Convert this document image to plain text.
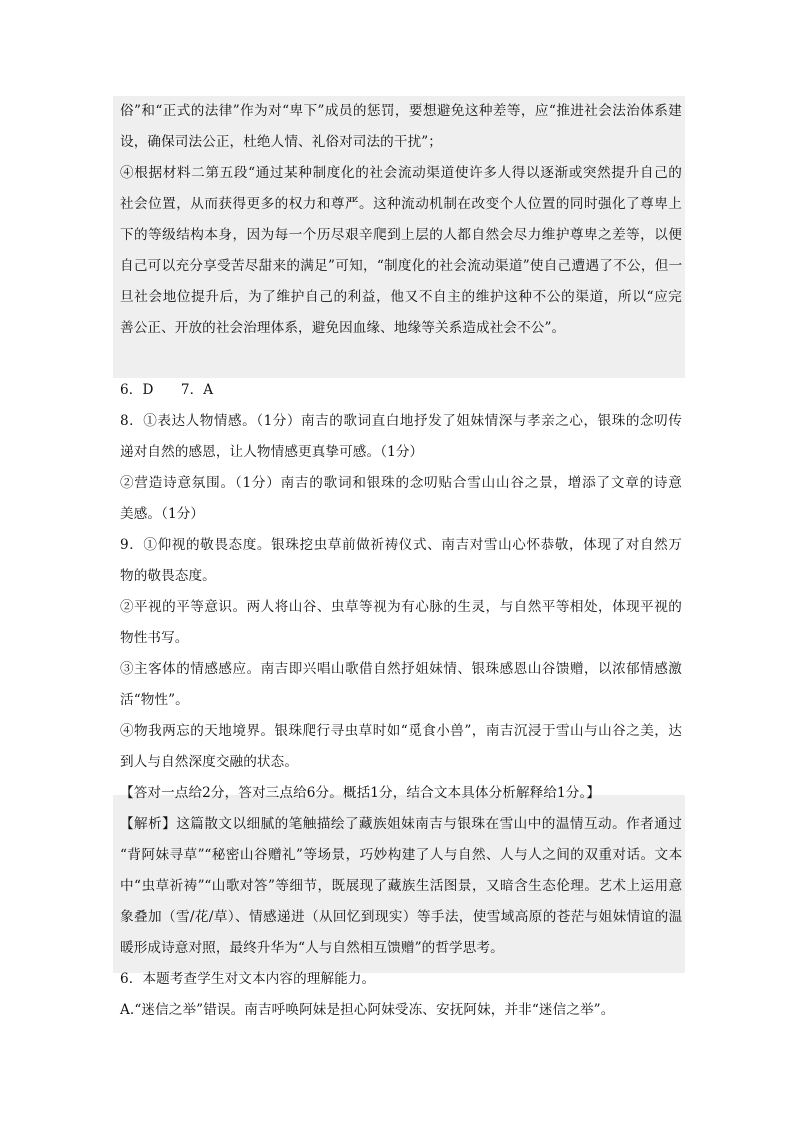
俗”和“正式的法律”作为对“卑下”成员的惩罚，要想避免这种差等，应“推进社会法治体系建
设，确保司法公正，杜绝人情、礼俗对司法的干扰”；
④根据材料二第五段“通过某种制度化的社会流动渠道使许多人得以逐渐或突然提升自己的
社会位置，从而获得更多的权力和尊严。这种流动机制在改变个人位置的同时强化了尊卑上
下的等级结构本身，因为每一个历尽艰辛爬到上层的人都自然会尽力维护尊卑之差等，以便
自己可以充分享受苦尽甜来的满足”可知，“制度化的社会流动渠道”使自己遭遇了不公，但一
旦社会地位提升后，为了维护自己的利益，他又不自主的维护这种不公的渠道，所以“应完
善公正、开放的社会治理体系，避免因血缘、地缘等关系造成社会不公”。
6．D　　7．A
8．①表达人物情感。（1分）南吉的歌词直白地抒发了姐妹情深与孝亲之心，银珠的念叨传
递对自然的感恩，让人物情感更真挚可感。（1分）
②营造诗意氛围。（1分）南吉的歌词和银珠的念叨贴合雪山山谷之景，增添了文章的诗意
美感。（1分）
9．①仰视的敬畏态度。银珠挖虫草前做祈祷仪式、南吉对雪山心怀恭敬，体现了对自然万
物的敬畏态度。
②平视的平等意识。两人将山谷、虫草等视为有心脉的生灵，与自然平等相处，体现平视的
物性书写。
③主客体的情感感应。南吉即兴唱山歌借自然抒姐妹情、银珠感恩山谷馈赠，以浓郁情感激
活“物性”。
④物我两忘的天地境界。银珠爬行寻虫草时如“觅食小兽”，南吉沉浸于雪山与山谷之美，达
到人与自然深度交融的状态。
【答对一点给2分，答对三点给6分。概括1分，结合文本具体分析解释给1分。】
【解析】这篇散文以细腻的笔触描绘了藏族姐妹南吉与银珠在雪山中的温情互动。作者通过
“背阿妹寻草”“秘密山谷赠礼”等场景，巧妙构建了人与自然、人与人之间的双重对话。文本
中“虫草祈祷”“山歌对答”等细节，既展现了藏族生活图景，又暗含生态伦理。艺术上运用意
象叠加（雪/花/草）、情感递进（从回忆到现实）等手法，使雪域高原的苍茫与姐妹情谊的温
暖形成诗意对照，最终升华为“人与自然相互馈赠”的哲学思考。
6．本题考查学生对文本内容的理解能力。
A.“迷信之举”错误。南吉呼唤阿妹是担心阿妹受冻、安抚阿妹，并非“迷信之举”。
